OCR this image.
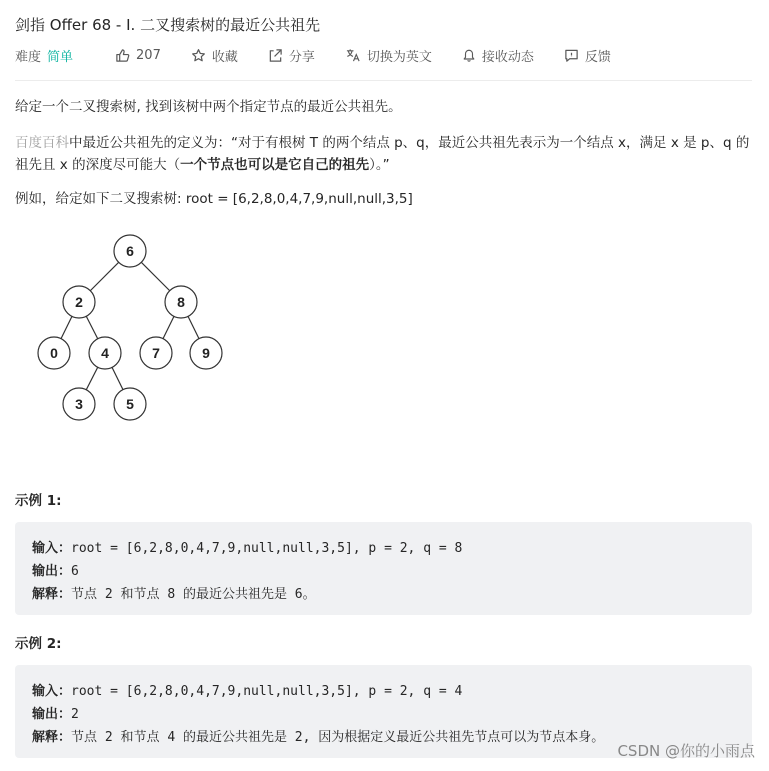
剑指 Offer 68 - I. 二叉搜索树的最近公共祖先
难度 简单	207	收藏	分享	切换为英文	接收动态	反馈
给定一个二叉搜索树, 找到该树中两个指定节点的最近公共祖先。
百度百科中最近公共祖先的定义为：“对于有根树 T 的两个结点 p、q，最近公共祖先表示为一个结点 x，满足 x 是 p、q 的祖先且 x 的深度尽可能大（一个节点也可以是它自己的祖先）。”
例如，给定如下二叉搜索树: root = [6,2,8,0,4,7,9,null,null,3,5]
6
2	8
0	4	7	9
3	5
示例 1:
输入：root = [6,2,8,0,4,7,9,null,null,3,5], p = 2, q = 8
输出：6
解释：节点 2 和节点 8 的最近公共祖先是 6。
示例 2:
输入：root = [6,2,8,0,4,7,9,null,null,3,5], p = 2, q = 4
输出：2
解释：节点 2 和节点 4 的最近公共祖先是 2, 因为根据定义最近公共祖先节点可以为节点本身。
CSDN @你的小雨点
